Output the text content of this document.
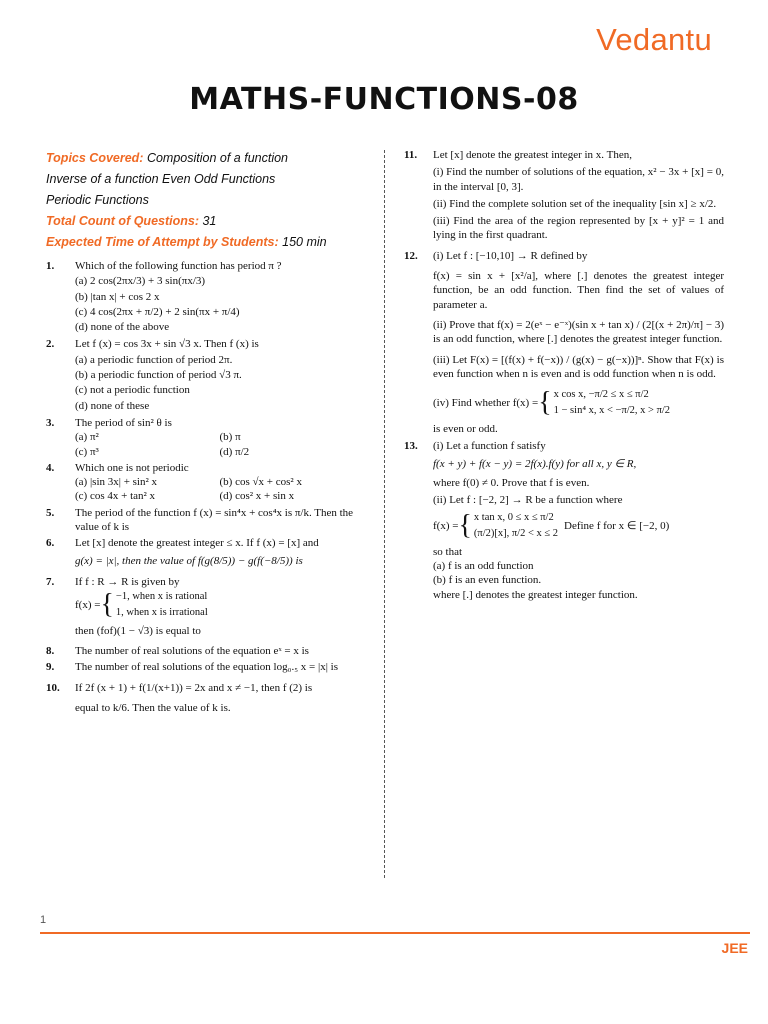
Vedantu
MATHS-FUNCTIONS-08
Topics Covered: Composition of a function
Inverse of a function Even Odd Functions
Periodic Functions
Total Count of Questions: 31
Expected Time of Attempt by Students: 150 min
1.	Which of the following function has period π ?
(a) 2 cos(2πx/3) + 3 sin(πx/3)
(b) |tan x| + cos 2 x
(c) 4 cos(2πx + π/2) + 2 sin(πx + π/4)
(d) none of the above
2.	Let f (x) = cos 3x + sin √3 x. Then f (x) is
(a) a periodic function of period 2π.
(b) a periodic function of period √3 π.
(c) not a periodic function
(d) none of these
3.	The period of sin² θ is
(a) π²	(b) π
(c) π³	(d) π/2
4.	Which one is not periodic
(a) |sin 3x| + sin² x	(b) cos √x + cos² x
(c) cos 4x + tan² x	(d) cos² x + sin x
5.	The period of the function f (x) = sin⁴x + cos⁴x is π/k. Then the value of k is
6.	Let [x] denote the greatest integer ≤ x. If f (x) = [x] and
g(x) = |x|, then the value of f(g(8/5)) − g(f(−8/5)) is
7.	If f : R → R is given by
f(x) = { −1, when x is rational
1, when x is irrational
then (fof)(1 − √3) is equal to
8.	The number of real solutions of the equation eˣ = x is
9.	The number of real solutions of the equation log₀.₅ x = |x| is
10.	If 2f (x + 1) + f(1/(x+1)) = 2x and x ≠ −1, then f (2) is
equal to k/6. Then the value of k is.
11.	Let [x] denote the greatest integer in x. Then,
(i) Find the number of solutions of the equation, x² − 3x + [x] = 0, in the interval [0, 3].
(ii) Find the complete solution set of the inequality [sin x] ≥ x/2.
(iii) Find the area of the region represented by [x + y]² = 1 and lying in the first quadrant.
12.	(i) Let f : [−10,10] → R defined by
f(x) = sin x + [x²/a], where [.] denotes the greatest integer function, be an odd function. Then find the set of values of parameter a.
(ii) Prove that f(x) = 2(eˣ − e⁻ˣ)(sin x + tan x) / (2[(x + 2π)/π] − 3) is an odd function, where [.] denotes the greatest integer function.
(iii) Let F(x) = [(f(x) + f(−x)) / (g(x) − g(−x))]ⁿ. Show that F(x) is even function when n is even and is odd function when n is odd.
(iv) Find whether f(x) = { x cos x, −π/2 ≤ x ≤ π/2
1 − sin⁴ x, x < −π/2, x > π/2
is even or odd.
13.	(i) Let a function f satisfy
f(x + y) + f(x − y) = 2f(x).f(y) for all x, y ∈ R,
where f(0) ≠ 0. Prove that f is even.
(ii) Let f : [−2, 2] → R be a function where
f(x) = { x tan x, 0 ≤ x ≤ π/2
(π/2)[x], π/2 < x ≤ 2
Define f for x ∈ [−2, 0)
so that
(a) f is an odd function
(b) f is an even function.
where [.] denotes the greatest integer function.
1
JEE
